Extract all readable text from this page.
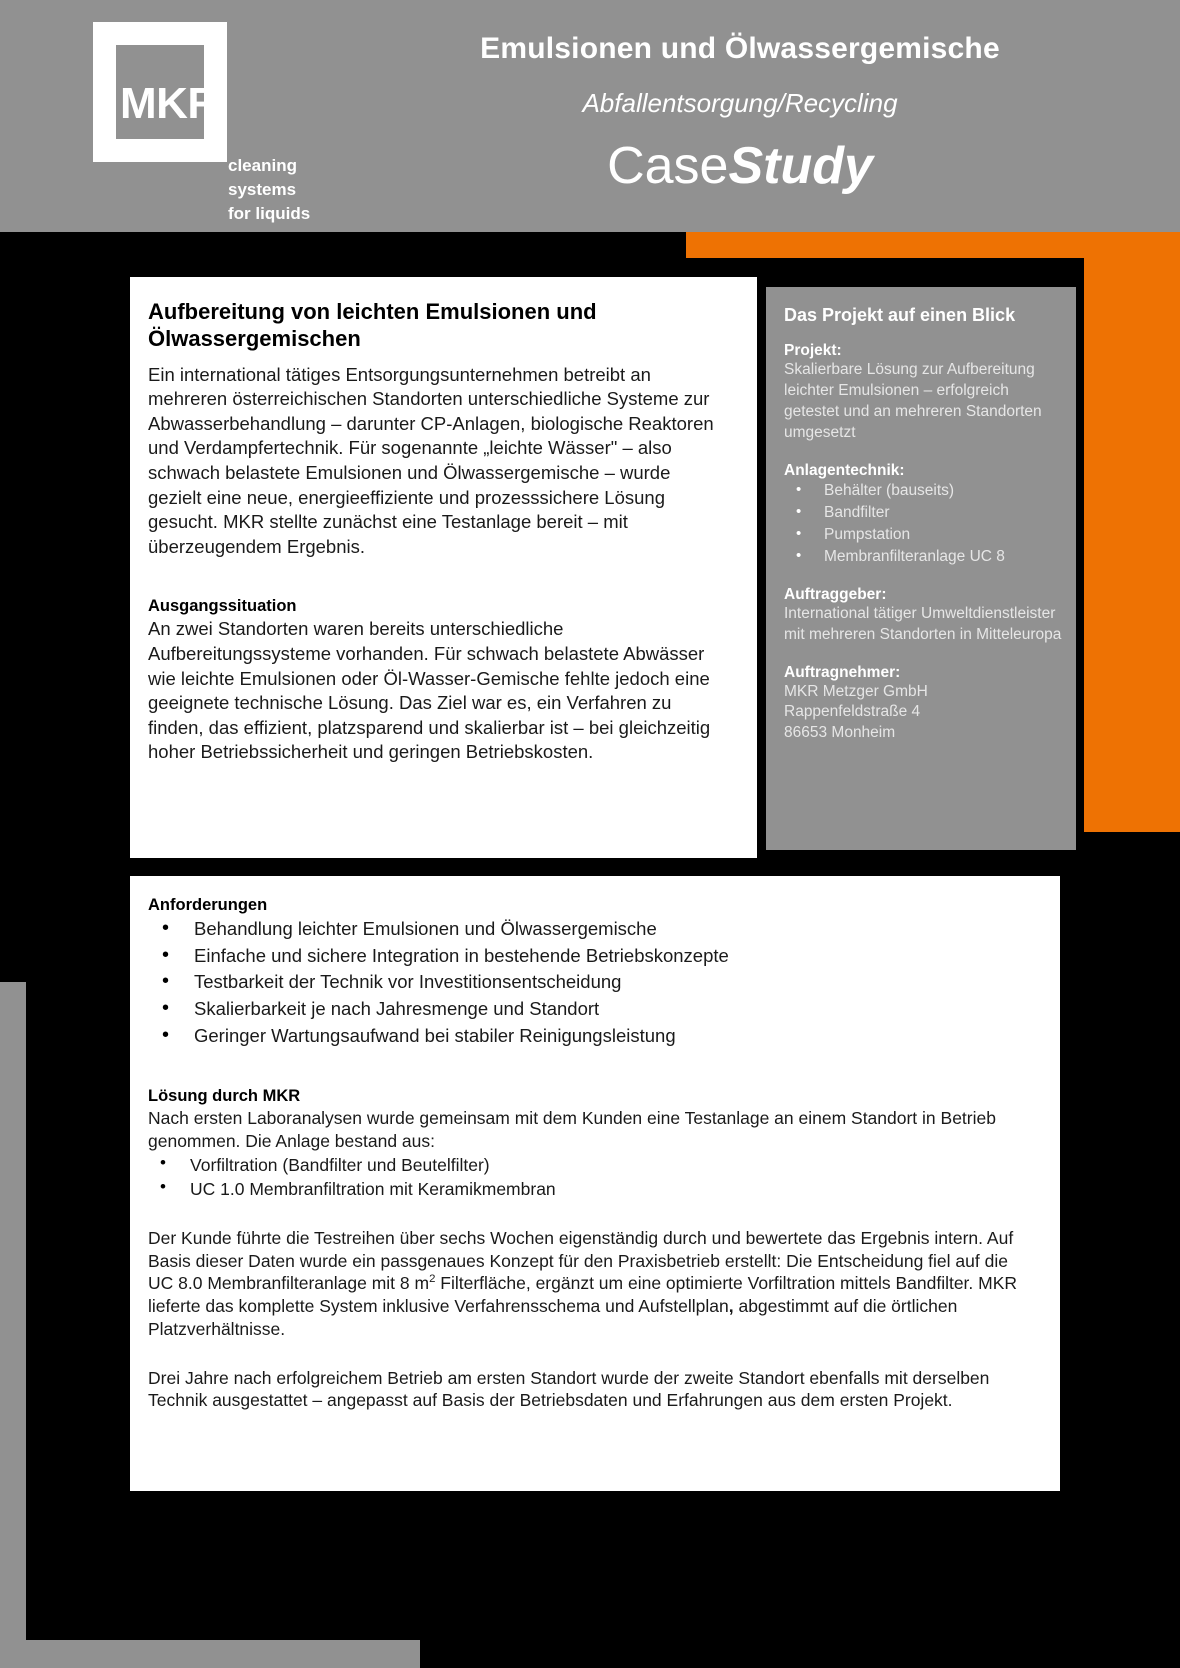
MKR
cleaning
systems
for liquids
Emulsionen und Ölwassergemische
Abfallentsorgung/Recycling
CaseStudy
Aufbereitung von leichten Emulsionen und Ölwassergemischen

Ein international tätiges Entsorgungsunternehmen betreibt an mehreren österreichischen Standorten unterschiedliche Systeme zur Abwasserbehandlung – darunter CP-Anlagen, biologische Reaktoren und Verdampfertechnik. Für sogenannte „leichte Wässer" – also schwach belastete Emulsionen und Ölwassergemische – wurde gezielt eine neue, energieeffiziente und prozesssichere Lösung gesucht. MKR stellte zunächst eine Testanlage bereit – mit überzeugendem Ergebnis.

Ausgangssituation

An zwei Standorten waren bereits unterschiedliche Aufbereitungssysteme vorhanden. Für schwach belastete Abwässer wie leichte Emulsionen oder Öl-Wasser-Gemische fehlte jedoch eine geeignete technische Lösung. Das Ziel war es, ein Verfahren zu finden, das effizient, platzsparend und skalierbar ist – bei gleichzeitig hoher Betriebssicherheit und geringen Betriebskosten.

Das Projekt auf einen Blick
Projekt:
Skalierbare Lösung zur Aufbereitung leichter Emulsionen – erfolgreich getestet und an mehreren Standorten umgesetzt
Anlagentechnik:
• Behälter (bauseits)
• Bandfilter
• Pumpstation
• Membranfilteranlage UC 8
Auftraggeber:
International tätiger Umweltdienstleister mit mehreren Standorten in Mitteleuropa
Auftragnehmer:
MKR Metzger GmbH
Rappenfeldstraße 4
86653 Monheim
Anforderungen
• Behandlung leichter Emulsionen und Ölwassergemische
• Einfache und sichere Integration in bestehende Betriebskonzepte
• Testbarkeit der Technik vor Investitionsentscheidung
• Skalierbarkeit je nach Jahresmenge und Standort
• Geringer Wartungsaufwand bei stabiler Reinigungsleistung
Lösung durch MKR

Nach ersten Laboranalysen wurde gemeinsam mit dem Kunden eine Testanlage an einem Standort in Betrieb genommen. Die Anlage bestand aus:

• Vorfiltration (Bandfilter und Beutelfilter)
• UC 1.0 Membranfiltration mit Keramikmembran

Der Kunde führte die Testreihen über sechs Wochen eigenständig durch und bewertete das Ergebnis intern. Auf Basis dieser Daten wurde ein passgenaues Konzept für den Praxisbetrieb erstellt: Die Entscheidung fiel auf die UC 8.0 Membranfilteranlage mit 8 $m^2$ Filterfläche, ergänzt um eine optimierte Vorfiltration mittels Bandfilter. MKR lieferte das komplette System inklusive Verfahrensschema und Aufstellplan, abgestimmt auf die örtlichen Platzverhältnisse.

Drei Jahre nach erfolgreichem Betrieb am ersten Standort wurde der zweite Standort ebenfalls mit derselben Technik ausgestattet – angepasst auf Basis der Betriebsdaten und Erfahrungen aus dem ersten Projekt.
